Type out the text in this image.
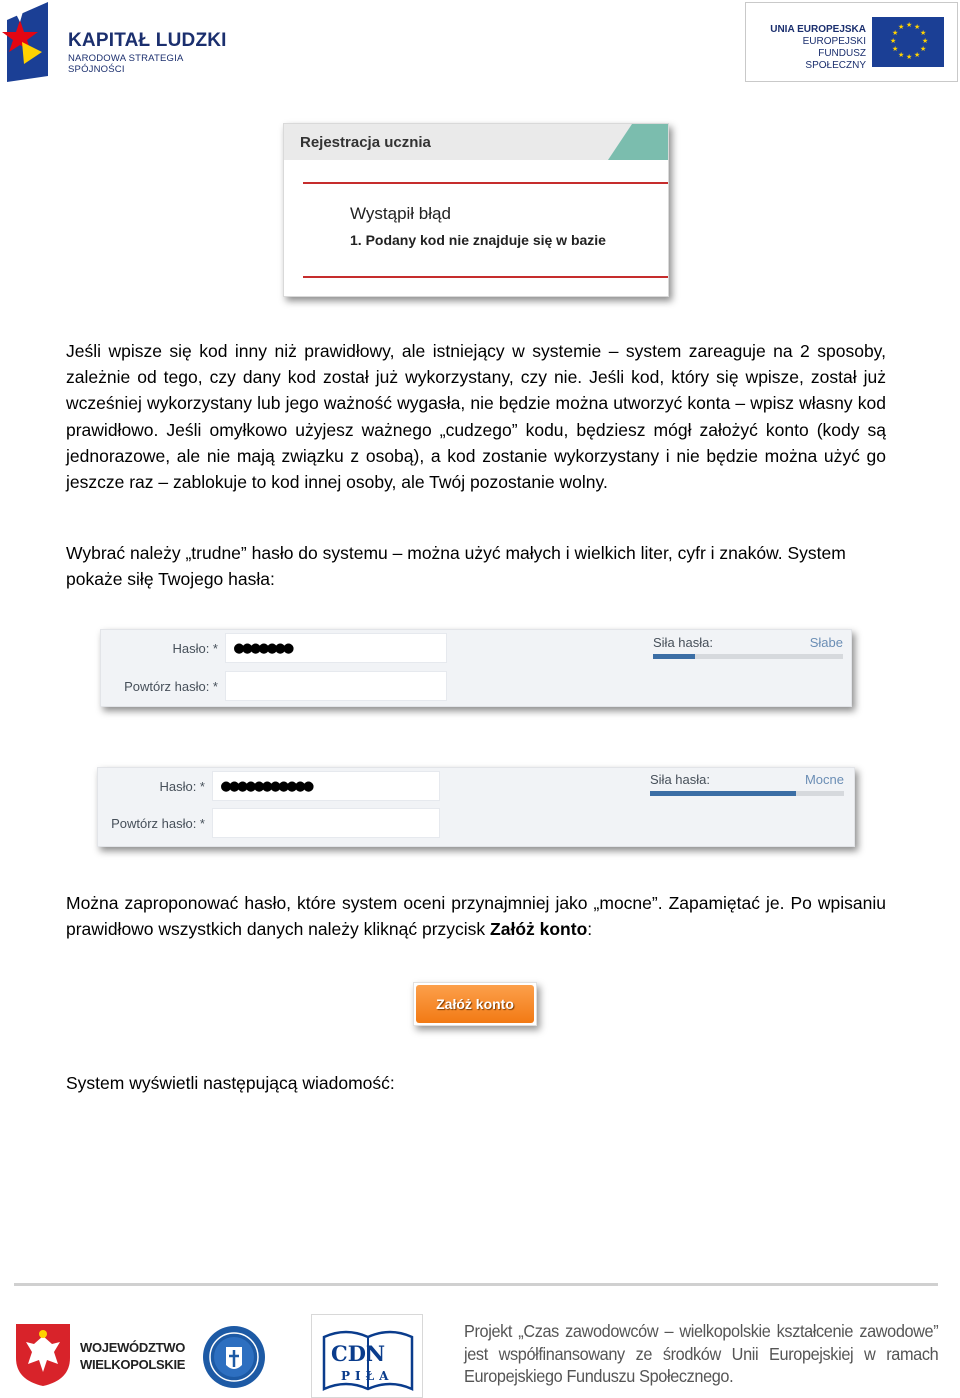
KAPITAŁ LUDZKI
NARODOWA STRATEGIA SPÓJNOŚCI
UNIA EUROPEJSKA
EUROPEJSKI
FUNDUSZ SPOŁECZNY
★ ★
★
★
★
★
★
★
★
★
★
★
Rejestracja ucznia
Wystąpił błąd
1. Podany kod nie znajduje się w bazie

Jeśli wpisze się kod inny niż prawidłowy, ale istniejący w systemie – system zareaguje na 2 sposoby, zależnie od tego, czy dany kod został już wykorzystany, czy nie. Jeśli kod, który się wpisze, został już wcześniej wykorzystany lub jego ważność wygasła, nie będzie można utworzyć konta – wpisz własny kod prawidłowo. Jeśli omyłkowo użyjesz ważnego „cudzego” kodu, będziesz mógł założyć konto (kody są jednorazowe, ale nie mają związku z osobą), a kod zostanie wykorzystany i nie będzie można użyć go jeszcze raz – zablokuje to kod innej osoby, ale Twój pozostanie wolny.

Wybrać należy „trudne” hasło do systemu – można użyć małych i wielkich liter, cyfr i znaków. System pokaże siłę Twojego hasła:

Hasło: * ●●●●●●●
Powtórz hasło: *
Siła hasła:	Słabe
Hasło: * ●●●●●●●●●●●
Powtórz hasło: *
Siła hasła:	Mocne

Można zaproponować hasło, które system oceni przynajmniej jako „mocne”. Zapamiętać je. Po wpisaniu prawidłowo wszystkich danych należy kliknąć przycisk Załóż konto:

Załóż konto

System wyświetli następującą wiadomość:

WOJEWÓDZTWO
WIELKOPOLSKIE	CDN
PIŁA
Projekt „Czas zawodowców – wielkopolskie kształcenie zawodowe” jest współfinansowany ze środków Unii Europejskiej w ramach Europejskiego Funduszu Społecznego.
